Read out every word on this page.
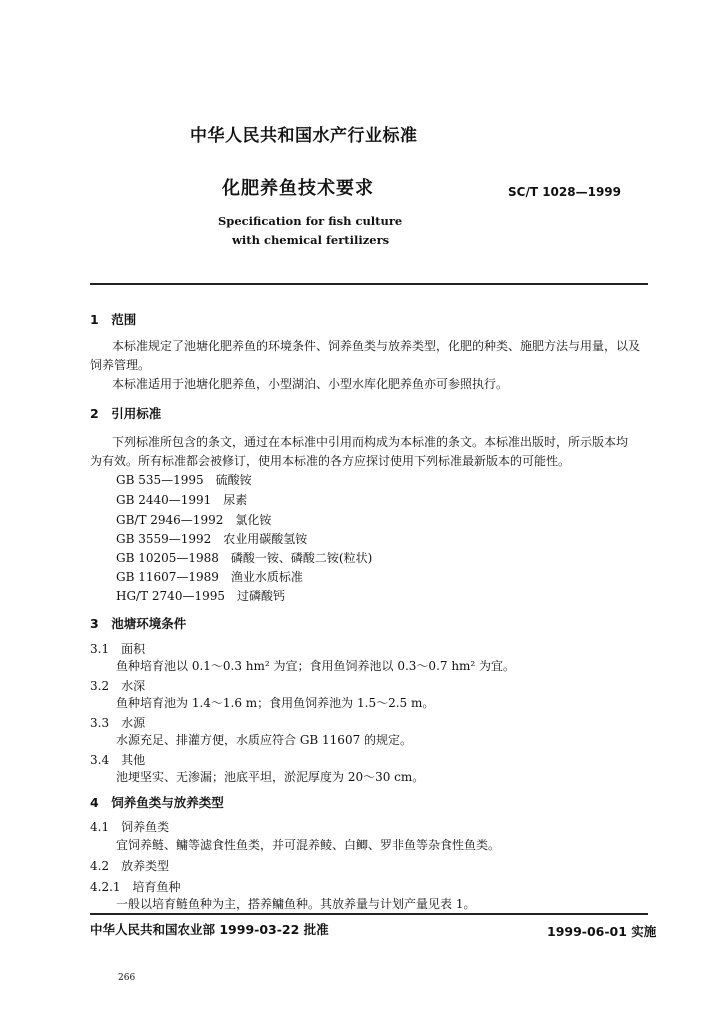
中华人民共和国水产行业标准
化肥养鱼技术要求	SC/T 1028—1999
Specification for fish culture
with chemical fertilizers
1　范围
本标准规定了池塘化肥养鱼的环境条件、饲养鱼类与放养类型，化肥的种类、施肥方法与用量，以及
饲养管理。
本标准适用于池塘化肥养鱼，小型湖泊、小型水库化肥养鱼亦可参照执行。
2　引用标准
下列标准所包含的条文，通过在本标准中引用而构成为本标准的条文。本标准出版时，所示版本均
为有效。所有标准都会被修订，使用本标准的各方应探讨使用下列标准最新版本的可能性。
GB 535—1995　硫酸铵
GB 2440—1991　尿素
GB/T 2946—1992　氯化铵
GB 3559—1992　农业用碳酸氢铵
GB 10205—1988　磷酸一铵、磷酸二铵(粒状)
GB 11607—1989　渔业水质标准
HG/T 2740—1995　过磷酸钙
3　池塘环境条件
3.1　面积
鱼种培育池以 0.1～0.3 hm² 为宜；食用鱼饲养池以 0.3～0.7 hm² 为宜。
3.2　水深
鱼种培育池为 1.4～1.6 m；食用鱼饲养池为 1.5～2.5 m。
3.3　水源
水源充足、排灌方便，水质应符合 GB 11607 的规定。
3.4　其他
池埂坚实、无渗漏；池底平坦，淤泥厚度为 20～30 cm。
4　饲养鱼类与放养类型
4.1　饲养鱼类
宜饲养鲢、鳙等滤食性鱼类，并可混养鲮、白鲫、罗非鱼等杂食性鱼类。
4.2　放养类型
4.2.1　培育鱼种
一般以培育鲢鱼种为主，搭养鳙鱼种。其放养量与计划产量见表 1。
中华人民共和国农业部 1999-03-22 批准	1999-06-01 实施
266
